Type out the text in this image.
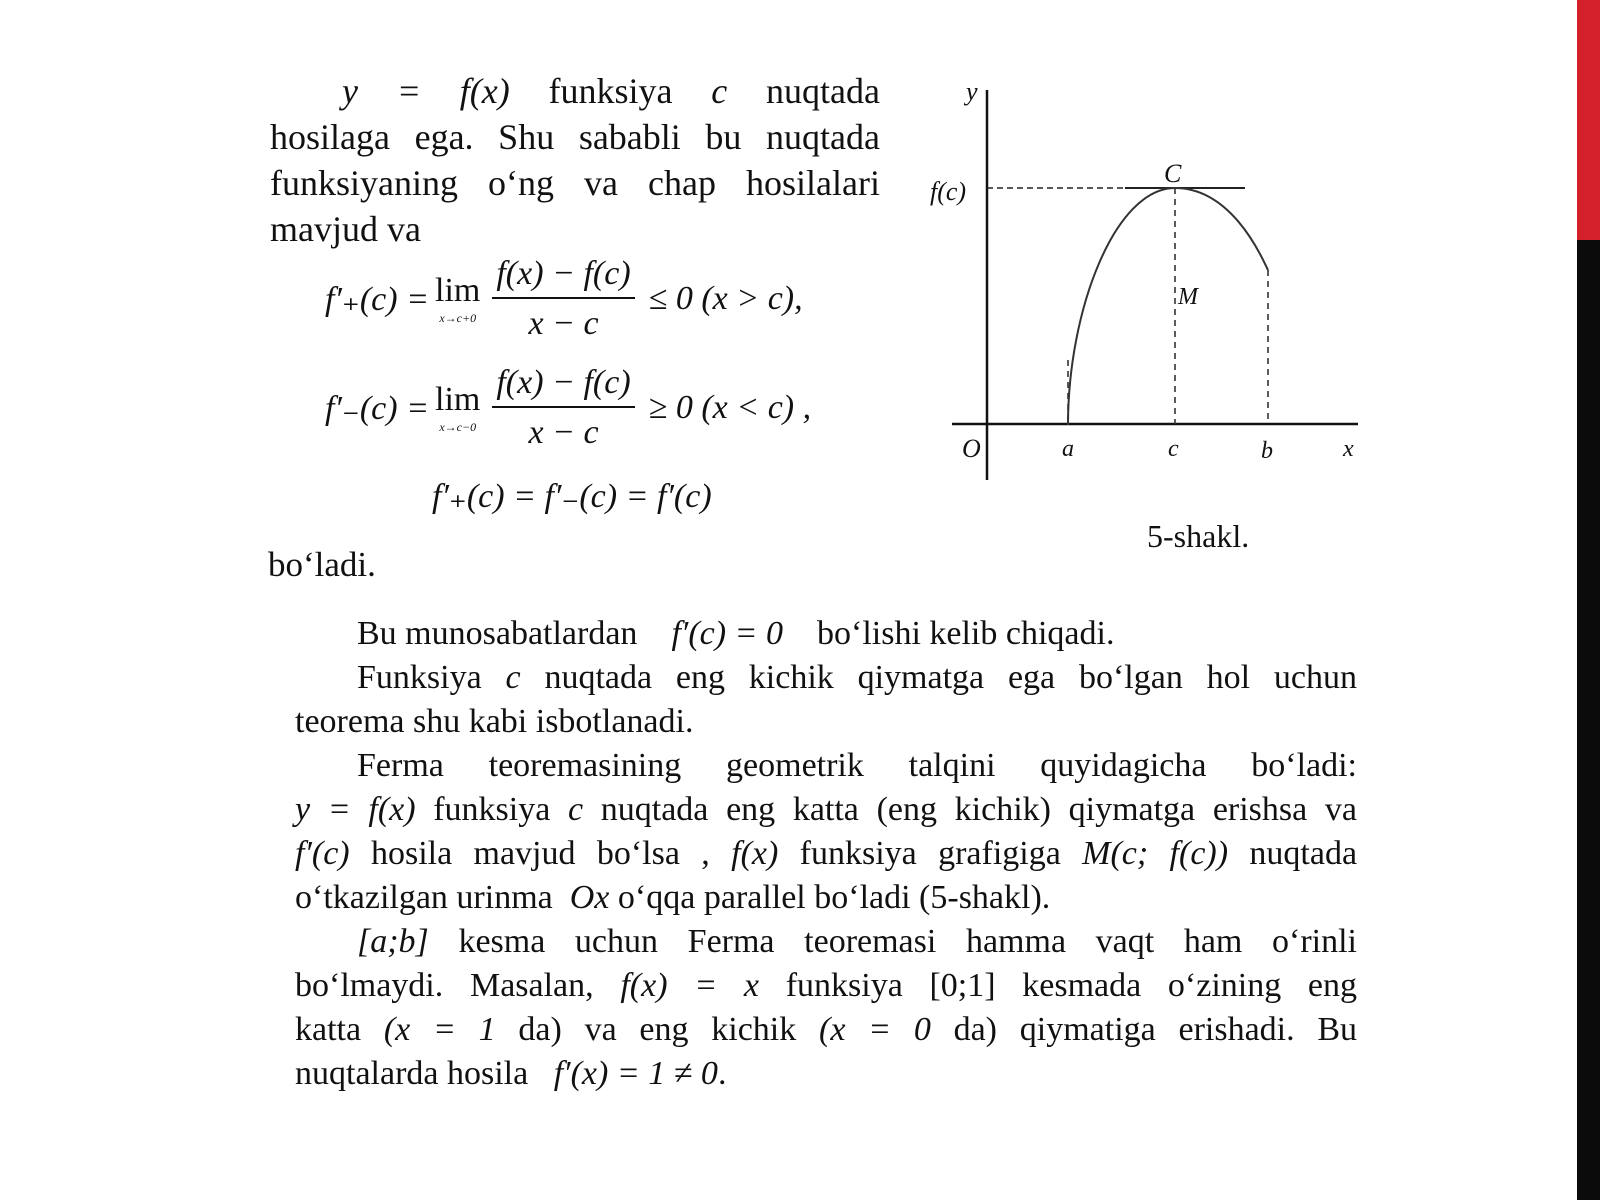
y = f(x) funksiya c nuqtada
hosilaga ega. Shu sababli bu nuqtada
funksiyaning o‘ng va chap hosilalari
mavjud va
f′₊(c) = lim
$x\to c+0 \frac{f(x) - f(c)}{x - c} \le 0$ (x > c),
f′₋(c) = lim
$x\to c-0 \frac{f(x) - f(c)}{x - c} \ge 0$ (x < c) ,
f′₊(c) = f′₋(c) = f′(c)
bo‘ladi.
y
f(c)
C
M
O	a	c	b	x
5-shakl.
Bu munosabatlardan f′(c) = 0 bo‘lishi kelib chiqadi.
Funksiya c nuqtada eng kichik qiymatga ega bo‘lgan hol uchun
teorema shu kabi isbotlanadi.
Ferma teoremasining geometrik talqini quyidagicha bo‘ladi:
y = f(x) funksiya c nuqtada eng katta (eng kichik) qiymatga erishsa va
f′(c) hosila mavjud bo‘lsa , f(x) funksiya grafigiga M(c; f(c)) nuqtada
o‘tkazilgan urinma Ox o‘qqa parallel bo‘ladi (5-shakl).
[a;b] kesma uchun Ferma teoremasi hamma vaqt ham o‘rinli
bo‘lmaydi. Masalan, f(x) = x funksiya [0;1] kesmada o‘zining eng
katta (x = 1 da) va eng kichik (x = 0 da) qiymatiga erishadi. Bu
nuqtalarda hosila f′(x) = 1 ≠ 0.
